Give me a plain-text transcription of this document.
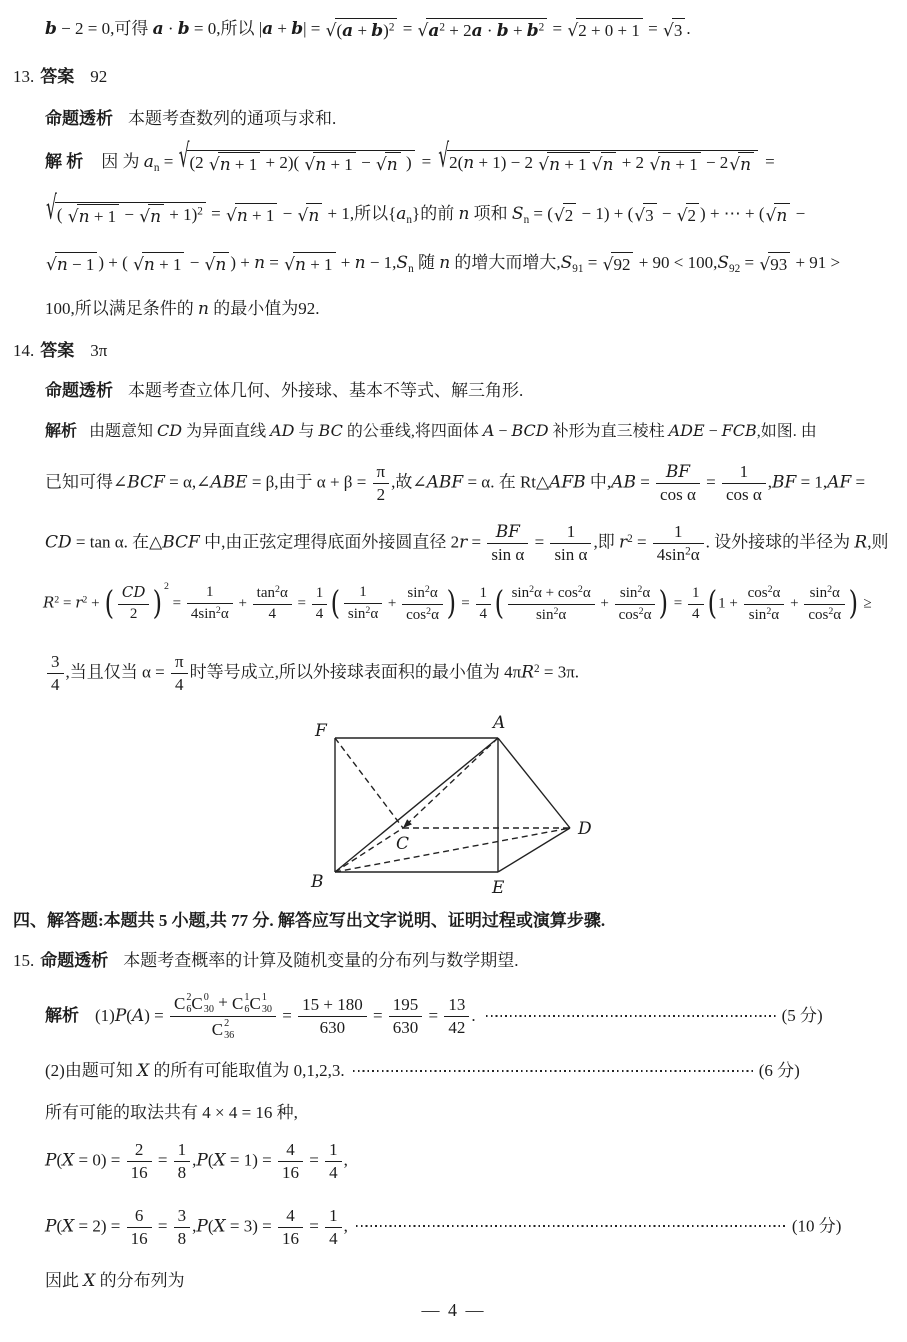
b − 2 = 0,可得 a · b = 0,所以 $|a + b| = √(a + b)^2 = √a^2 + 2a \cdot b + b^2 = √2 + 0 + 1 = √3$ .
13. 答案 92
命题透析 本题考查数列的通项与求和.
解 析 因 为 $a_n = √(2$ √n + 1 + 2)( √n + 1 − √n ) = √2(n + 1) − 2 √n + 1 √n + 2 √n + 1 − 2√n =
√( √n + 1 − √n + 1)$^2$ = √n + 1 − √n + 1,所以$\{a_n\}$的前 n 项和 $S_n = (√2 - 1) + (√3 - √2$ ) + ⋯ + (√n −
√n − 1 ) + ( √n + 1 − √n ) + $n = √n + 1 + n - 1,S_n$ 随 n 的增大而增大$,S_{91} = √92 + 90 < 100,S_{92} = √93 + 91$ >
100,所以满足条件的 n 的最小值为92.
14. 答案 3π
命题透析 本题考查立体几何、外接球、基本不等式、解三角形.
解析 由题意知 CD 为异面直线 AD 与 BC 的公垂线,将四面体 A − BCD 补形为直三棱柱 ADE − FCB,如图. 由
已知可得∠BCF = α,∠ABE = β,由于 $\alpha + \beta = \frac{\pi}{2}$ ,故∠ABF = α. 在 Rt△AFB 中$,AB = \frac{BF}{\text{cos α}} = \frac{1}{\text{cos α}} ,BF = 1,AF$ =
CD = tan α. 在△BCF 中,由正弦定理得底面外接圆直径 $2r = \frac{BF}{\text{sin α}} = \frac{1}{\text{sin α}}$ ,即 $r^2 = \frac{1}{4\sin^2\alpha}$ . 设外接球的半径为 R,则
$R^2 = r^2$ + ( $\frac{CD}{2}$ ) 2
= $\frac{1}{4\sin^2\alpha} + \frac{\tan^2\alpha}{4} = \frac{1}{4}$ ( $\frac{1}{\sin^2\alpha} + \frac{\sin^2\alpha}{\cos^2\alpha}$ ) = $\frac{1}{4}$ ( $\frac{\sin^2\alpha + \cos^2\alpha}{\sin^2\alpha} + \frac{\sin^2\alpha}{\cos^2\alpha}$ ) = $\frac{1}{4}$ ( $1 + \frac{\cos^2\alpha}{\sin^2\alpha} + \frac{\sin^2\alpha}{\cos^2\alpha}$ ) ≥
$\frac{3}{4}$ ,当且仅当 $\alpha = \frac{\pi}{4}$ 时等号成立,所以外接球表面积的最小值为 $4\pi R^2 = 3\pi$.
四、解答题:本题共 5 小题,共 77 分. 解答应写出文字说明、证明过程或演算步骤.
15. 命题透析 本题考查概率的计算及随机变量的分布列与数学期望.
解析 (1)P(A) = C 2
6 C 0
30 + C 1
6 C 1
30
C 2
$36 = \frac{15 + 180}{630} = \frac{195}{630} = \frac{13}{42}$ .	(5 分)
(2)由题可知 X 的所有可能取值为 0,1,2,3.	(6 分)
所有可能的取法共有 4 × 4 = 16 种,
$P(X = 0) = \frac{2}{16} = \frac{1}{8} ,P(X = 1) = \frac{4}{16} = \frac{1}{4}$ ,
$P(X = 2) = \frac{6}{16} = \frac{3}{8} ,P(X = 3) = \frac{4}{16} = \frac{1}{4}$ ,	(10 分)
因此 X 的分布列为
F	A
B	E
D
C
— 4 —
